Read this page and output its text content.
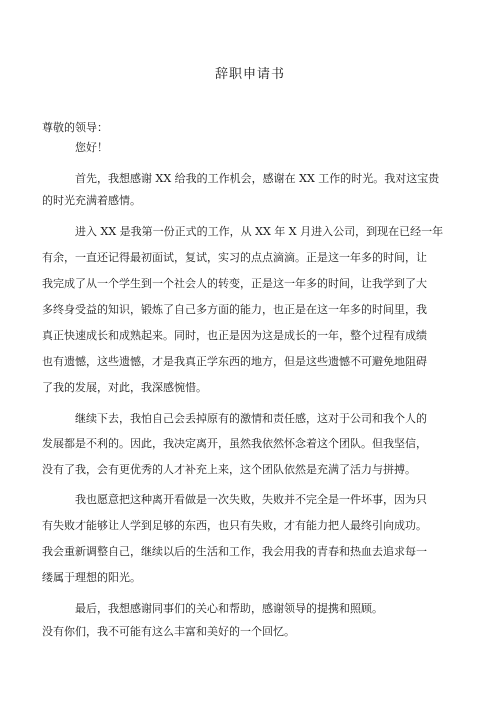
辞职申请书
尊敬的领导：
您好！
首先，我想感谢 XX 给我的工作机会，感谢在 XX 工作的时光。我对这宝贵
的时光充满着感情。
进入 XX 是我第一份正式的工作，从 XX 年 X 月进入公司，到现在已经一年
有余，一直还记得最初面试，复试，实习的点点滴滴。正是这一年多的时间，让
我完成了从一个学生到一个社会人的转变，正是这一年多的时间，让我学到了大
多终身受益的知识，锻炼了自己多方面的能力，也正是在这一年多的时间里，我
真正快速成长和成熟起来。同时，也正是因为这是成长的一年，整个过程有成绩
也有遗憾，这些遗憾，才是我真正学东西的地方，但是这些遗憾不可避免地阻碍
了我的发展，对此，我深感惋惜。
继续下去，我怕自己会丢掉原有的激情和责任感，这对于公司和我个人的
发展都是不利的。因此，我决定离开，虽然我依然怀念着这个团队。但我坚信，
没有了我，会有更优秀的人才补充上来，这个团队依然是充满了活力与拼搏。
我也愿意把这种离开看做是一次失败，失败并不完全是一件坏事，因为只
有失败才能够让人学到足够的东西，也只有失败，才有能力把人最终引向成功。
我会重新调整自己，继续以后的生活和工作，我会用我的青春和热血去追求每一
缕属于理想的阳光。
最后，我想感谢同事们的关心和帮助，感谢领导的提携和照顾。
没有你们，我不可能有这么丰富和美好的一个回忆。
